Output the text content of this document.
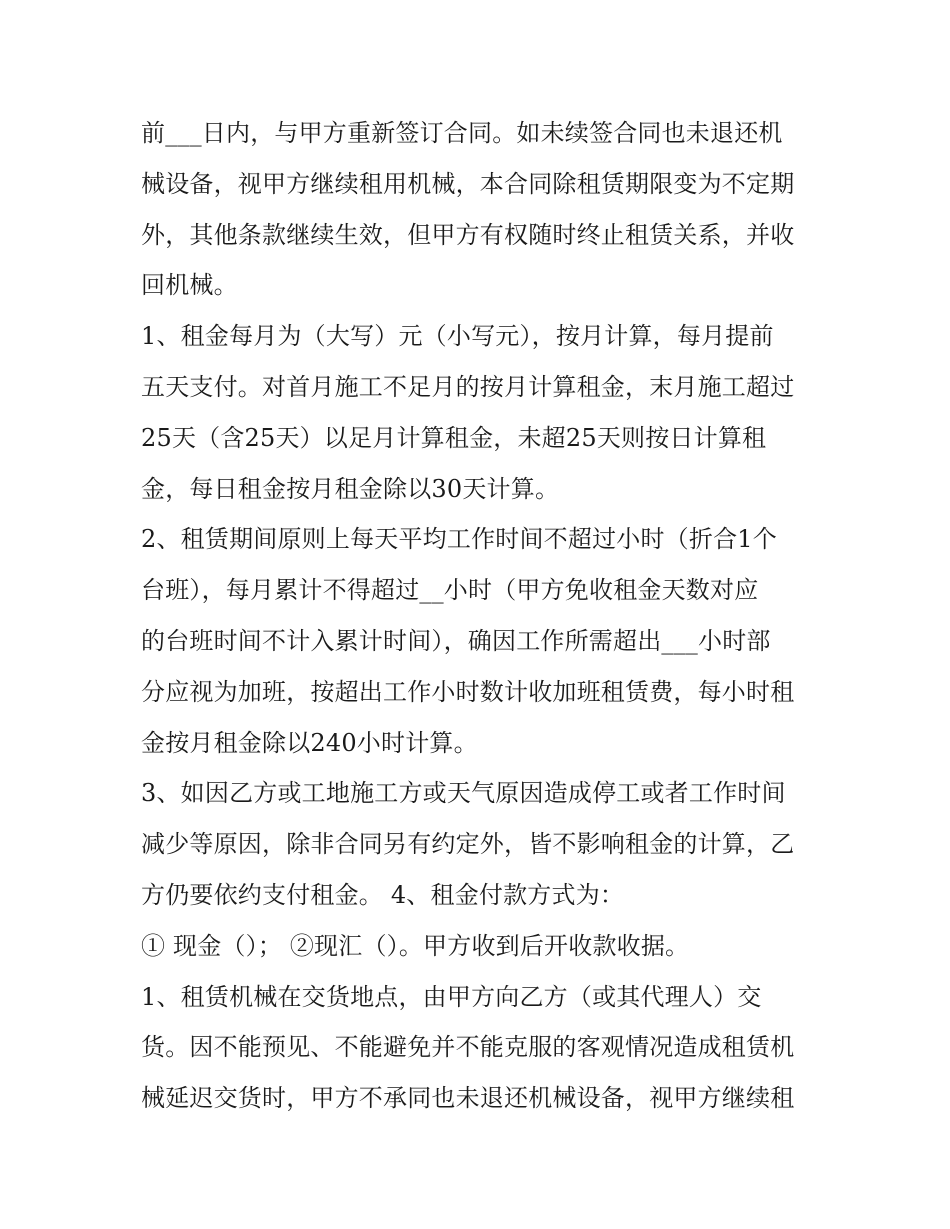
前___日内，与甲方重新签订合同。如未续签合同也未退还机
械设备，视甲方继续租用机械，本合同除租赁期限变为不定期
外，其他条款继续生效，但甲方有权随时终止租赁关系，并收
回机械。
1、租金每月为（大写）元（小写元），按月计算，每月提前
五天支付。对首月施工不足月的按月计算租金，末月施工超过
25天（含25天）以足月计算租金，未超25天则按日计算租
金，每日租金按月租金除以30天计算。
2、租赁期间原则上每天平均工作时间不超过小时（折合1个
台班），每月累计不得超过__小时（甲方免收租金天数对应
的台班时间不计入累计时间），确因工作所需超出___小时部
分应视为加班，按超出工作小时数计收加班租赁费，每小时租
金按月租金除以240小时计算。
3、如因乙方或工地施工方或天气原因造成停工或者工作时间
减少等原因，除非合同另有约定外，皆不影响租金的计算，乙
方仍要依约支付租金。 4、租金付款方式为：
① 现金（）； ②现汇（）。甲方收到后开收款收据。
1、租赁机械在交货地点，由甲方向乙方（或其代理人）交
货。因不能预见、不能避免并不能克服的客观情况造成租赁机
械延迟交货时，甲方不承同也未退还机械设备，视甲方继续租
